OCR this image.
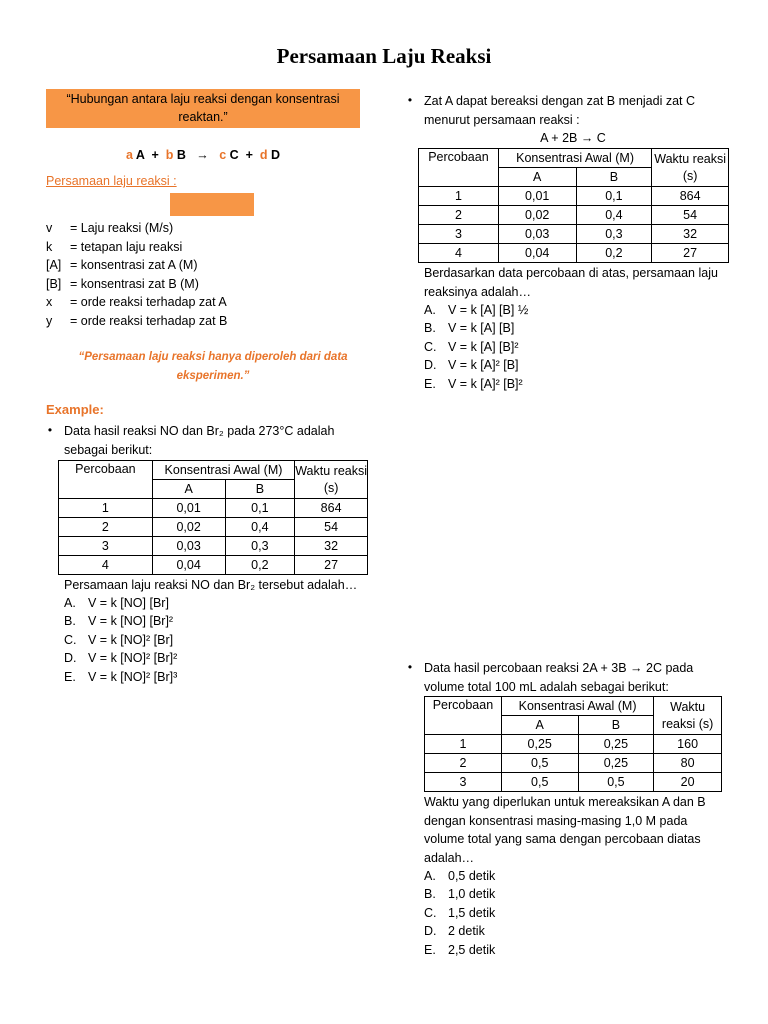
Persamaan Laju Reaksi
“Hubungan antara laju reaksi dengan konsentrasi reaktan.”
a A + b B → c C + d D
Persamaan laju reaksi :
v	= Laju reaksi (M/s)
k	= tetapan laju reaksi
[A] = konsentrasi zat A (M)
[B] = konsentrasi zat B (M)
x	= orde reaksi terhadap zat A
y	= orde reaksi terhadap zat B
“Persamaan laju reaksi hanya diperoleh dari data eksperimen.”
Example:
• Data hasil reaksi NO dan Br₂ pada 273°C adalah sebagai berikut:
Percobaan	Konsentrasi Awal (M)		Waktu reaksi (s)
	A	B	
1	0,01	0,1	864
2	0,02	0,4	54
3	0,03	0,3	32
4	0,04	0,2	27
Persamaan laju reaksi NO dan Br₂ tersebut adalah…
A. V = k [NO] [Br]
B. V = k [NO] [Br]²
C. V = k [NO]² [Br]
D. V = k [NO]² [Br]²
E. V = k [NO]² [Br]³
• Zat A dapat bereaksi dengan zat B menjadi zat C menurut persamaan reaksi :
A + 2B → C
Percobaan	Konsentrasi Awal (M)		Waktu reaksi (s)
	A	B	
1	0,01	0,1	864
2	0,02	0,4	54
3	0,03	0,3	32
4	0,04	0,2	27
Berdasarkan data percobaan di atas, persamaan laju reaksinya adalah…
A. V = k [A] [B] ½
B. V = k [A] [B]
C. V = k [A] [B]²
D. V = k [A]² [B]
E. V = k [A]² [B]²
• Data hasil percobaan reaksi 2A + 3B → 2C pada volume total 100 mL adalah sebagai berikut:
Percobaan	Konsentrasi Awal (M)		Waktu reaksi (s)
	A	B	
1	0,25	0,25	160
2	0,5	0,25	80
3	0,5	0,5	20
Waktu yang diperlukan untuk mereaksikan A dan B dengan konsentrasi masing-masing 1,0 M pada volume total yang sama dengan percobaan diatas adalah…
A. 0,5 detik
B. 1,0 detik
C. 1,5 detik
D. 2 detik
E. 2,5 detik
